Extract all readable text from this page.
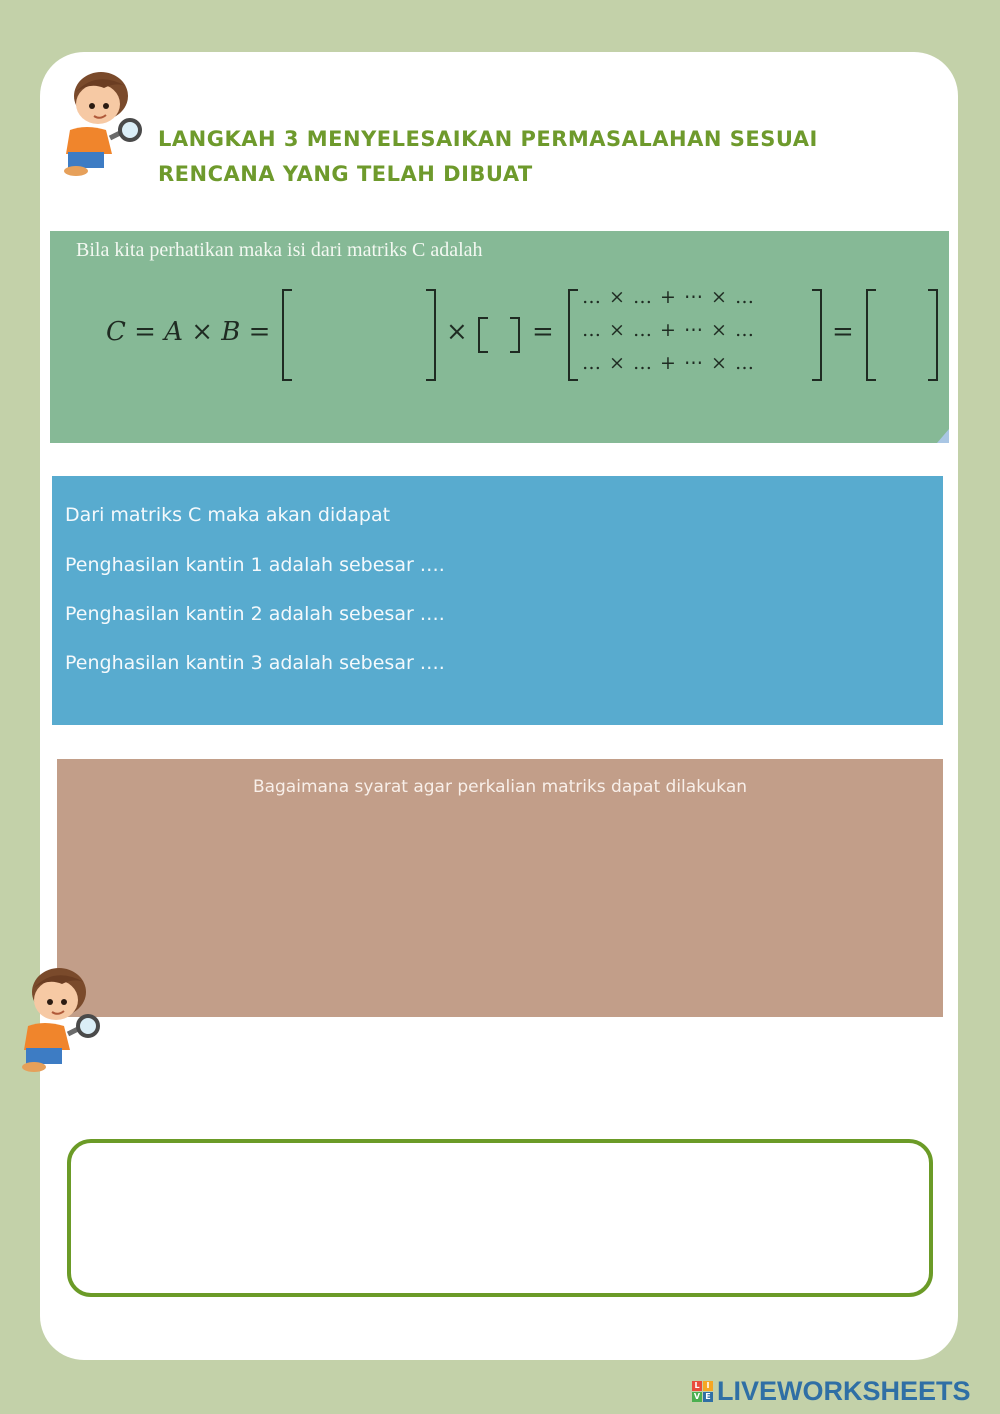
LANGKAH 3 MENYELESAIKAN PERMASALAHAN SESUAI
RENCANA YANG TELAH DIBUAT
Bila kita perhatikan maka isi dari matriks C adalah
C = A × B =	× =
… × … + ⋯ × …
… × … + ⋯ × …
… × … + ⋯ × …
=
Dari matriks C maka akan didapat
Penghasilan kantin 1 adalah sebesar ….
Penghasilan kantin 2 adalah sebesar ….
Penghasilan kantin 3 adalah sebesar ….
Bagaimana syarat agar perkalian matriks dapat dilakukan
L I
V E LIVEWORKSHEETS
